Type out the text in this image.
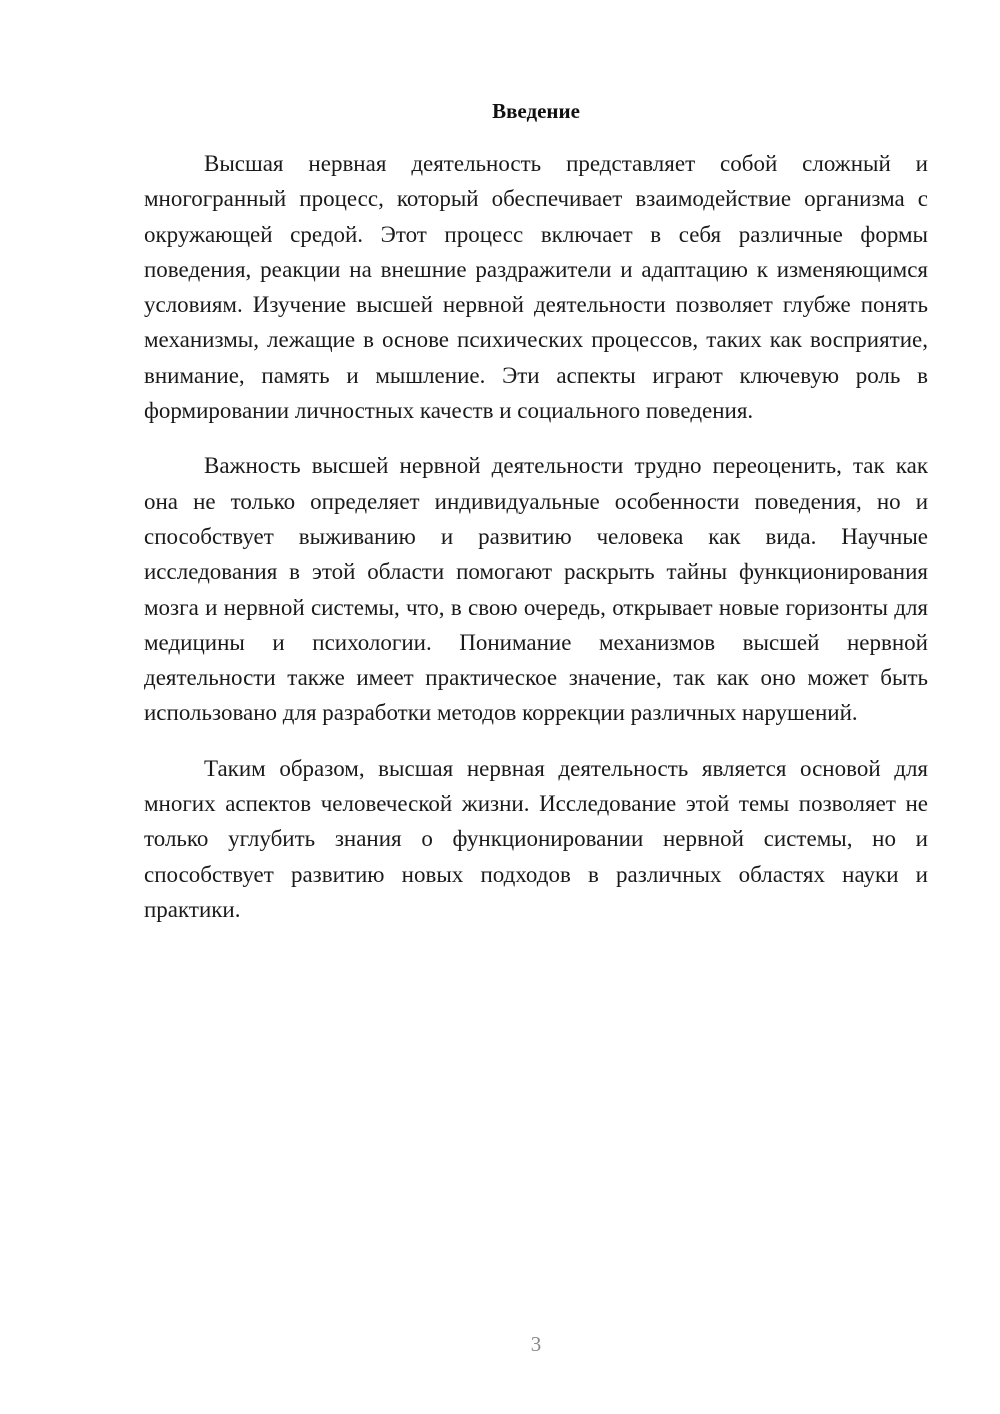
Введение

Высшая нервная деятельность представляет собой сложный и многогранный процесс, который обеспечивает взаимодействие организма с окружающей средой. Этот процесс включает в себя различные формы поведения, реакции на внешние раздражители и адаптацию к изменяющимся условиям. Изучение высшей нервной деятельности позволяет глубже понять механизмы, лежащие в основе психических процессов, таких как восприятие, внимание, память и мышление. Эти аспекты играют ключевую роль в формировании личностных качеств и социального поведения.

Важность высшей нервной деятельности трудно переоценить, так как она не только определяет индивидуальные особенности поведения, но и способствует выживанию и развитию человека как вида. Научные исследования в этой области помогают раскрыть тайны функционирования мозга и нервной системы, что, в свою очередь, открывает новые горизонты для медицины и психологии. Понимание механизмов высшей нервной деятельности также имеет практическое значение, так как оно может быть использовано для разработки методов коррекции различных нарушений.

Таким образом, высшая нервная деятельность является основой для многих аспектов человеческой жизни. Исследование этой темы позволяет не только углубить знания о функционировании нервной системы, но и способствует развитию новых подходов в различных областях науки и практики.

3
